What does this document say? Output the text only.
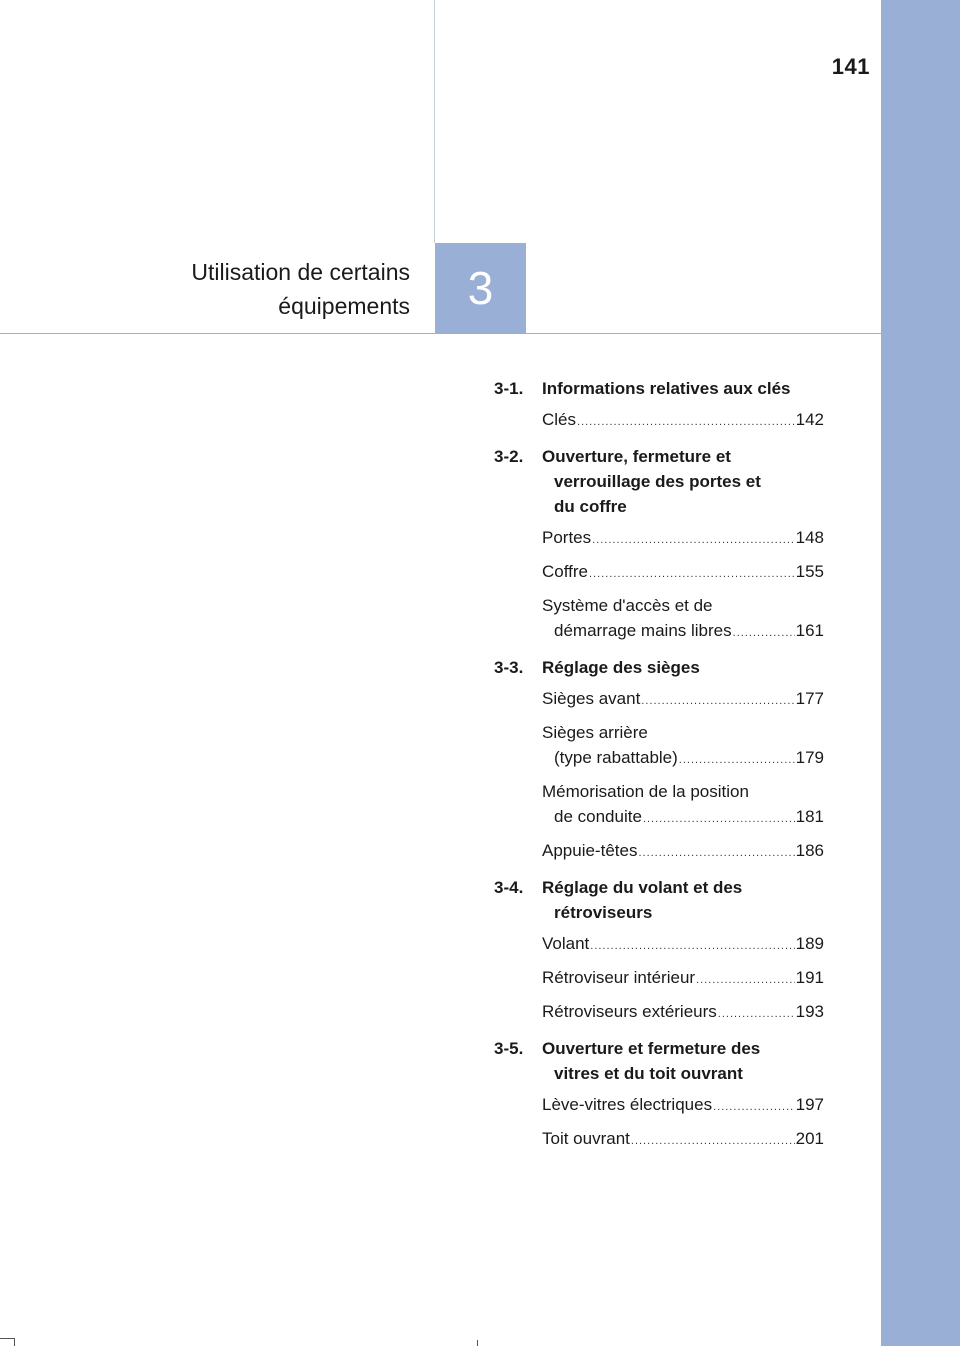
141
Utilisation de certains
équipements 3
3-1.	Informations relatives aux clés
Clés .....	142
3-2.	Ouverture, fermeture et
verrouillage des portes et
du coffre
Portes .....	148
Coffre .....	155
Système d'accès et de
démarrage mains libres .....	161
3-3.	Réglage des sièges
Sièges avant .....	177
Sièges arrière
(type rabattable) .....	179
Mémorisation de la position
de conduite .....	181
Appuie-têtes .....	186
3-4.	Réglage du volant et des
rétroviseurs
Volant .....	189
Rétroviseur intérieur .....	191
Rétroviseurs extérieurs .....	193
3-5.	Ouverture et fermeture des
vitres et du toit ouvrant
Lève-vitres électriques .....	197
Toit ouvrant .....	201
